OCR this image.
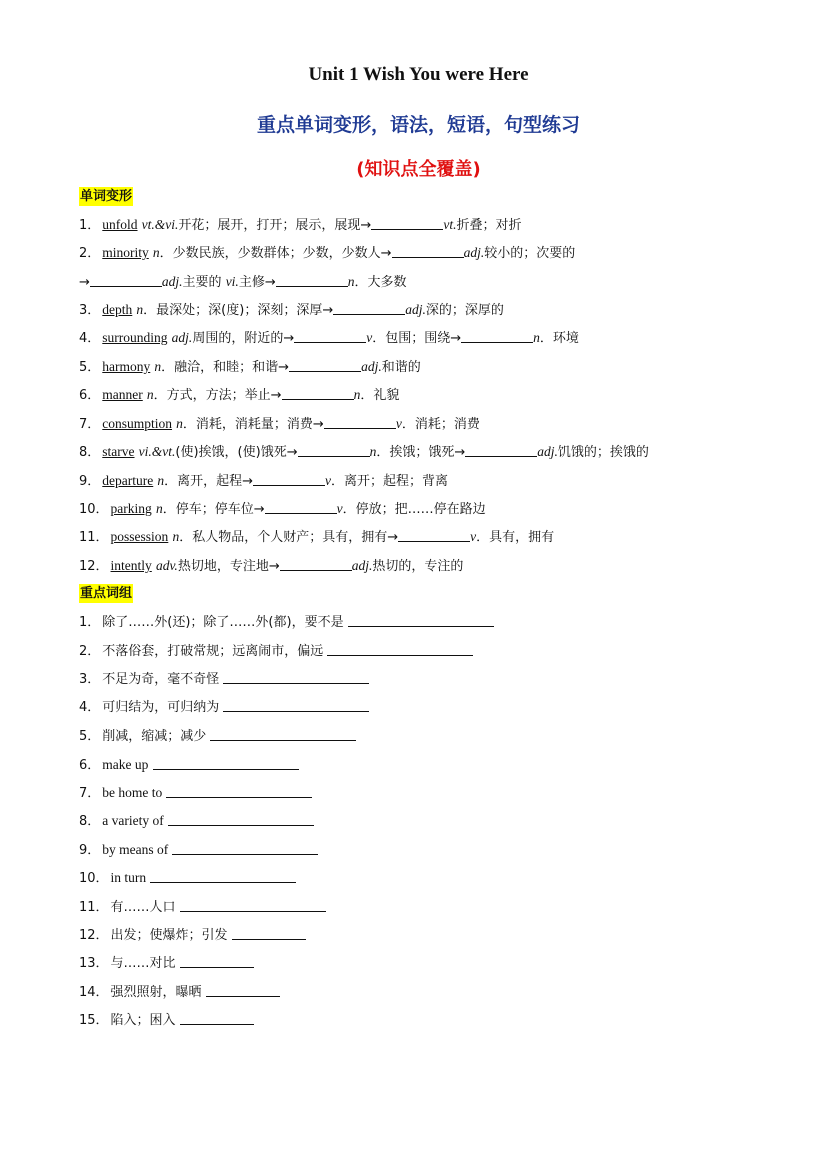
Unit 1 Wish You were Here
重点单词变形，语法，短语，句型练习
(知识点全覆盖)
单词变形
1． unfold vt.&vi.开花；展开，打开；展示，展现→	vt.折叠；对折
2． minority n．少数民族，少数群体；少数，少数人→	adj.较小的；次要的
→	adj.主要的 vi.主修→	n．大多数
3． depth n．最深处；深(度)；深刻；深厚→	adj.深的；深厚的
4． surrounding adj.周围的，附近的→	v．包围；围绕→	n．环境
5． harmony n．融洽，和睦；和谐→	adj.和谐的
6． manner n．方式，方法；举止→	n．礼貌
7． consumption n．消耗，消耗量；消费→	v．消耗；消费
8． starve vi.&vt.(使)挨饿，(使)饿死→	n．挨饿；饿死→	adj.饥饿的；挨饿的
9． departure n．离开，起程→	v．离开；起程；背离
10． parking n．停车；停车位→	v．停放；把……停在路边
11． possession n．私人物品，个人财产；具有，拥有→	v．具有，拥有
12． intently adv.热切地，专注地→	adj.热切的，专注的
重点词组
1． 除了……外(还)；除了……外(都)，要不是
2． 不落俗套，打破常规；远离闹市，偏远
3． 不足为奇，毫不奇怪
4． 可归结为，可归纳为
5． 削减，缩减；减少
6． make up
7． be home to
8． a variety of
9． by means of
10． in turn
11． 有……人口
12． 出发；使爆炸；引发
13． 与……对比
14． 强烈照射，曝晒
15． 陷入；困入
